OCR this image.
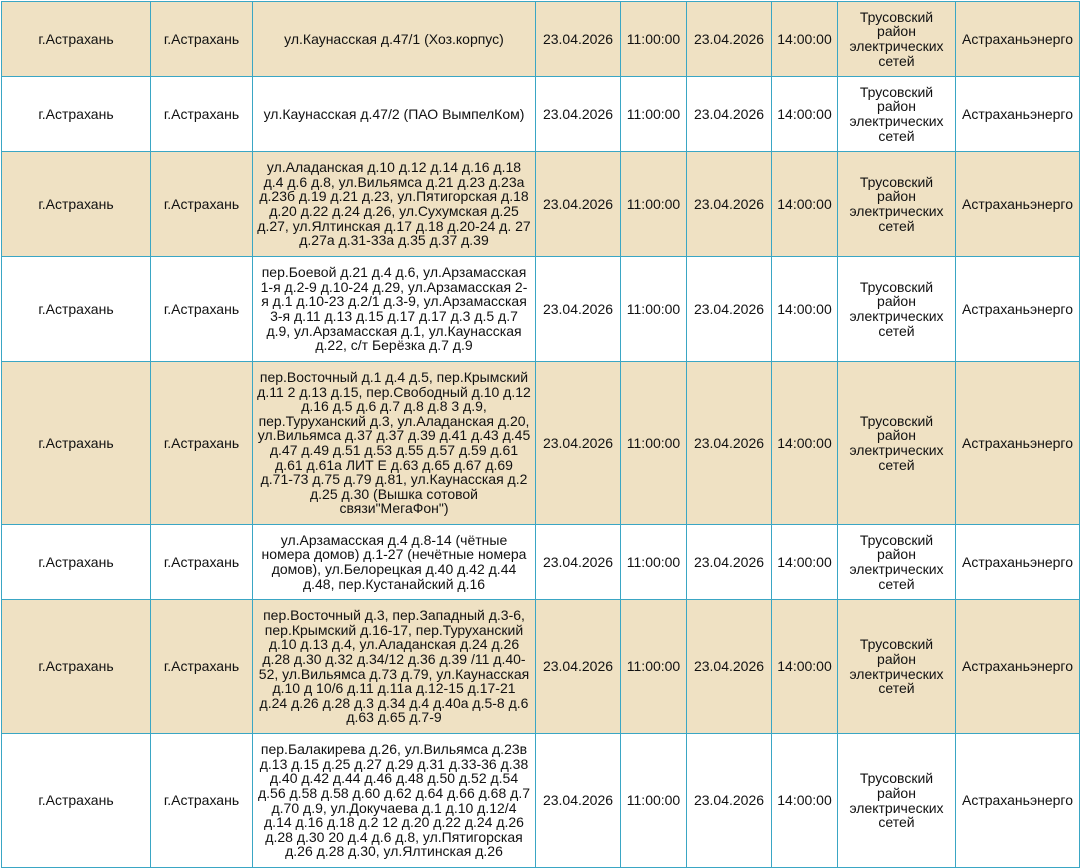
г.Астрахань	г.Астрахань	ул.Каунасская д.47/1 (Хоз.корпус)	23.04.2026	11:00:00	23.04.2026	14:00:00	Трусовский район электрических сетей	Астраханьэнерго
г.Астрахань	г.Астрахань	ул.Каунасская д.47/2 (ПАО ВымпелКом)	23.04.2026	11:00:00	23.04.2026	14:00:00	Трусовский район электрических сетей	Астраханьэнерго
г.Астрахань	г.Астрахань	ул.Аладанская д.10 д.12 д.14 д.16 д.18 д.4 д.6 д.8, ул.Вильямса д.21 д.23 д.23а д.23б д.19 д.21 д.23, ул.Пятигорская д.18 д.20 д.22 д.24 д.26, ул.Сухумская д.25 д.27, ул.Ялтинская д.17 д.18 д.20-24 д. 27 д.27а д.31-33а д.35 д.37 д.39	23.04.2026	11:00:00	23.04.2026	14:00:00	Трусовский район электрических сетей	Астраханьэнерго
г.Астрахань	г.Астрахань	пер.Боевой д.21 д.4 д.6, ул.Арзамасская 1-я д.2-9 д.10-24 д.29, ул.Арзамасская 2-я д.1 д.10-23 д.2/1 д.3-9, ул.Арзамасская 3-я д.11 д.13 д.15 д.17 д.17 д.3 д.5 д.7 д.9, ул.Арзамасская д.1, ул.Каунасская д.22, с/т Берёзка д.7 д.9	23.04.2026	11:00:00	23.04.2026	14:00:00	Трусовский район электрических сетей	Астраханьэнерго
г.Астрахань	г.Астрахань	пер.Восточный д.1 д.4 д.5, пер.Крымский д.11 2 д.13 д.15, пер.Свободный д.10 д.12 д.16 д.5 д.6 д.7 д.8 д.8 3 д.9, пер.Туруханский д.3, ул.Аладанская д.20, ул.Вильямса д.37 д.37 д.39 д.41 д.43 д.45 д.47 д.49 д.51 д.53 д.55 д.57 д.59 д.61 д.61 д.61а ЛИТ Е д.63 д.65 д.67 д.69 д.71-73 д.75 д.79 д.81, ул.Каунасская д.2 д.25 д.30 (Вышка сотовой связи"МегаФон")	23.04.2026	11:00:00	23.04.2026	14:00:00	Трусовский район электрических сетей	Астраханьэнерго
г.Астрахань	г.Астрахань	ул.Арзамасская д.4 д.8-14 (чётные номера домов) д.1-27 (нечётные номера домов), ул.Белорецкая д.40 д.42 д.44 д.48, пер.Кустанайский д.16	23.04.2026	11:00:00	23.04.2026	14:00:00	Трусовский район электрических сетей	Астраханьэнерго
г.Астрахань	г.Астрахань	пер.Восточный д.3, пер.Западный д.3-6, пер.Крымский д.16-17, пер.Туруханский д.10 д.13 д.4, ул.Аладанская д.24 д.26 д.28 д.30 д.32 д.34/12 д.36 д.39 /11 д.40-52, ул.Вильямса д.73 д.79, ул.Каунасская д.10 д 10/6 д.11 д.11а д.12-15 д.17-21 д.24 д.26 д.28 д.3 д.34 д.4 д.40а д.5-8 д.6 д.63 д.65 д.7-9	23.04.2026	11:00:00	23.04.2026	14:00:00	Трусовский район электрических сетей	Астраханьэнерго
г.Астрахань	г.Астрахань	пер.Балакирева д.26, ул.Вильямса д.23в д.13 д.15 д.25 д.27 д.29 д.31 д.33-36 д.38 д.40 д.42 д.44 д.46 д.48 д.50 д.52 д.54 д.56 д.58 д.58 д.60 д.62 д.64 д.66 д.68 д.7 д.70 д.9, ул.Докучаева д.1 д.10 д.12/4 д.14 д.16 д.18 д.2 12 д.20 д.22 д.24 д.26 д.28 д.30 20 д.4 д.6 д.8, ул.Пятигорская д.26 д.28 д.30, ул.Ялтинская д.26	23.04.2026	11:00:00	23.04.2026	14:00:00	Трусовский район электрических сетей	Астраханьэнерго
